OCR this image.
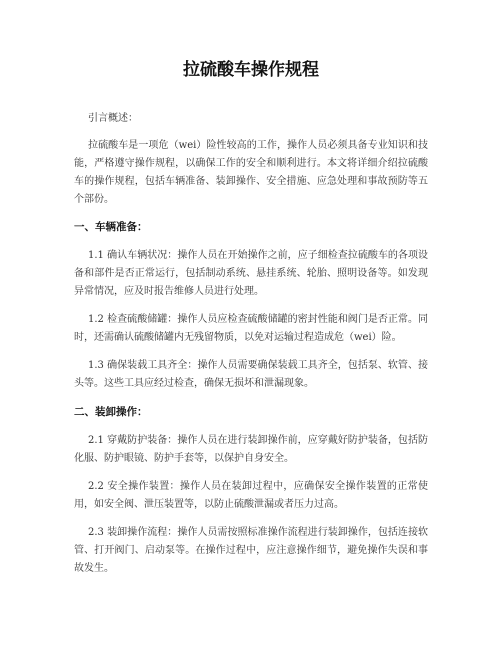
拉硫酸车操作规程

引言概述：

拉硫酸车是一项危（wei）险性较高的工作，操作人员必须具备专业知识和技能，严格遵守操作规程，以确保工作的安全和顺利进行。本文将详细介绍拉硫酸车的操作规程，包括车辆准备、装卸操作、安全措施、应急处理和事故预防等五个部份。

一、车辆准备：

1.1 确认车辆状况：操作人员在开始操作之前，应子细检查拉硫酸车的各项设备和部件是否正常运行，包括制动系统、悬挂系统、轮胎、照明设备等。如发现异常情况，应及时报告维修人员进行处理。

1.2 检查硫酸储罐：操作人员应检查硫酸储罐的密封性能和阀门是否正常。同时，还需确认硫酸储罐内无残留物质，以免对运输过程造成危（wei）险。

1.3 确保装载工具齐全：操作人员需要确保装载工具齐全，包括泵、软管、接头等。这些工具应经过检查，确保无损坏和泄漏现象。

二、装卸操作：

2.1 穿戴防护装备：操作人员在进行装卸操作前，应穿戴好防护装备，包括防化服、防护眼镜、防护手套等，以保护自身安全。

2.2 安全操作装置：操作人员在装卸过程中，应确保安全操作装置的正常使用，如安全阀、泄压装置等，以防止硫酸泄漏或者压力过高。

2.3 装卸操作流程：操作人员需按照标准操作流程进行装卸操作，包括连接软管、打开阀门、启动泵等。在操作过程中，应注意操作细节，避免操作失误和事故发生。
